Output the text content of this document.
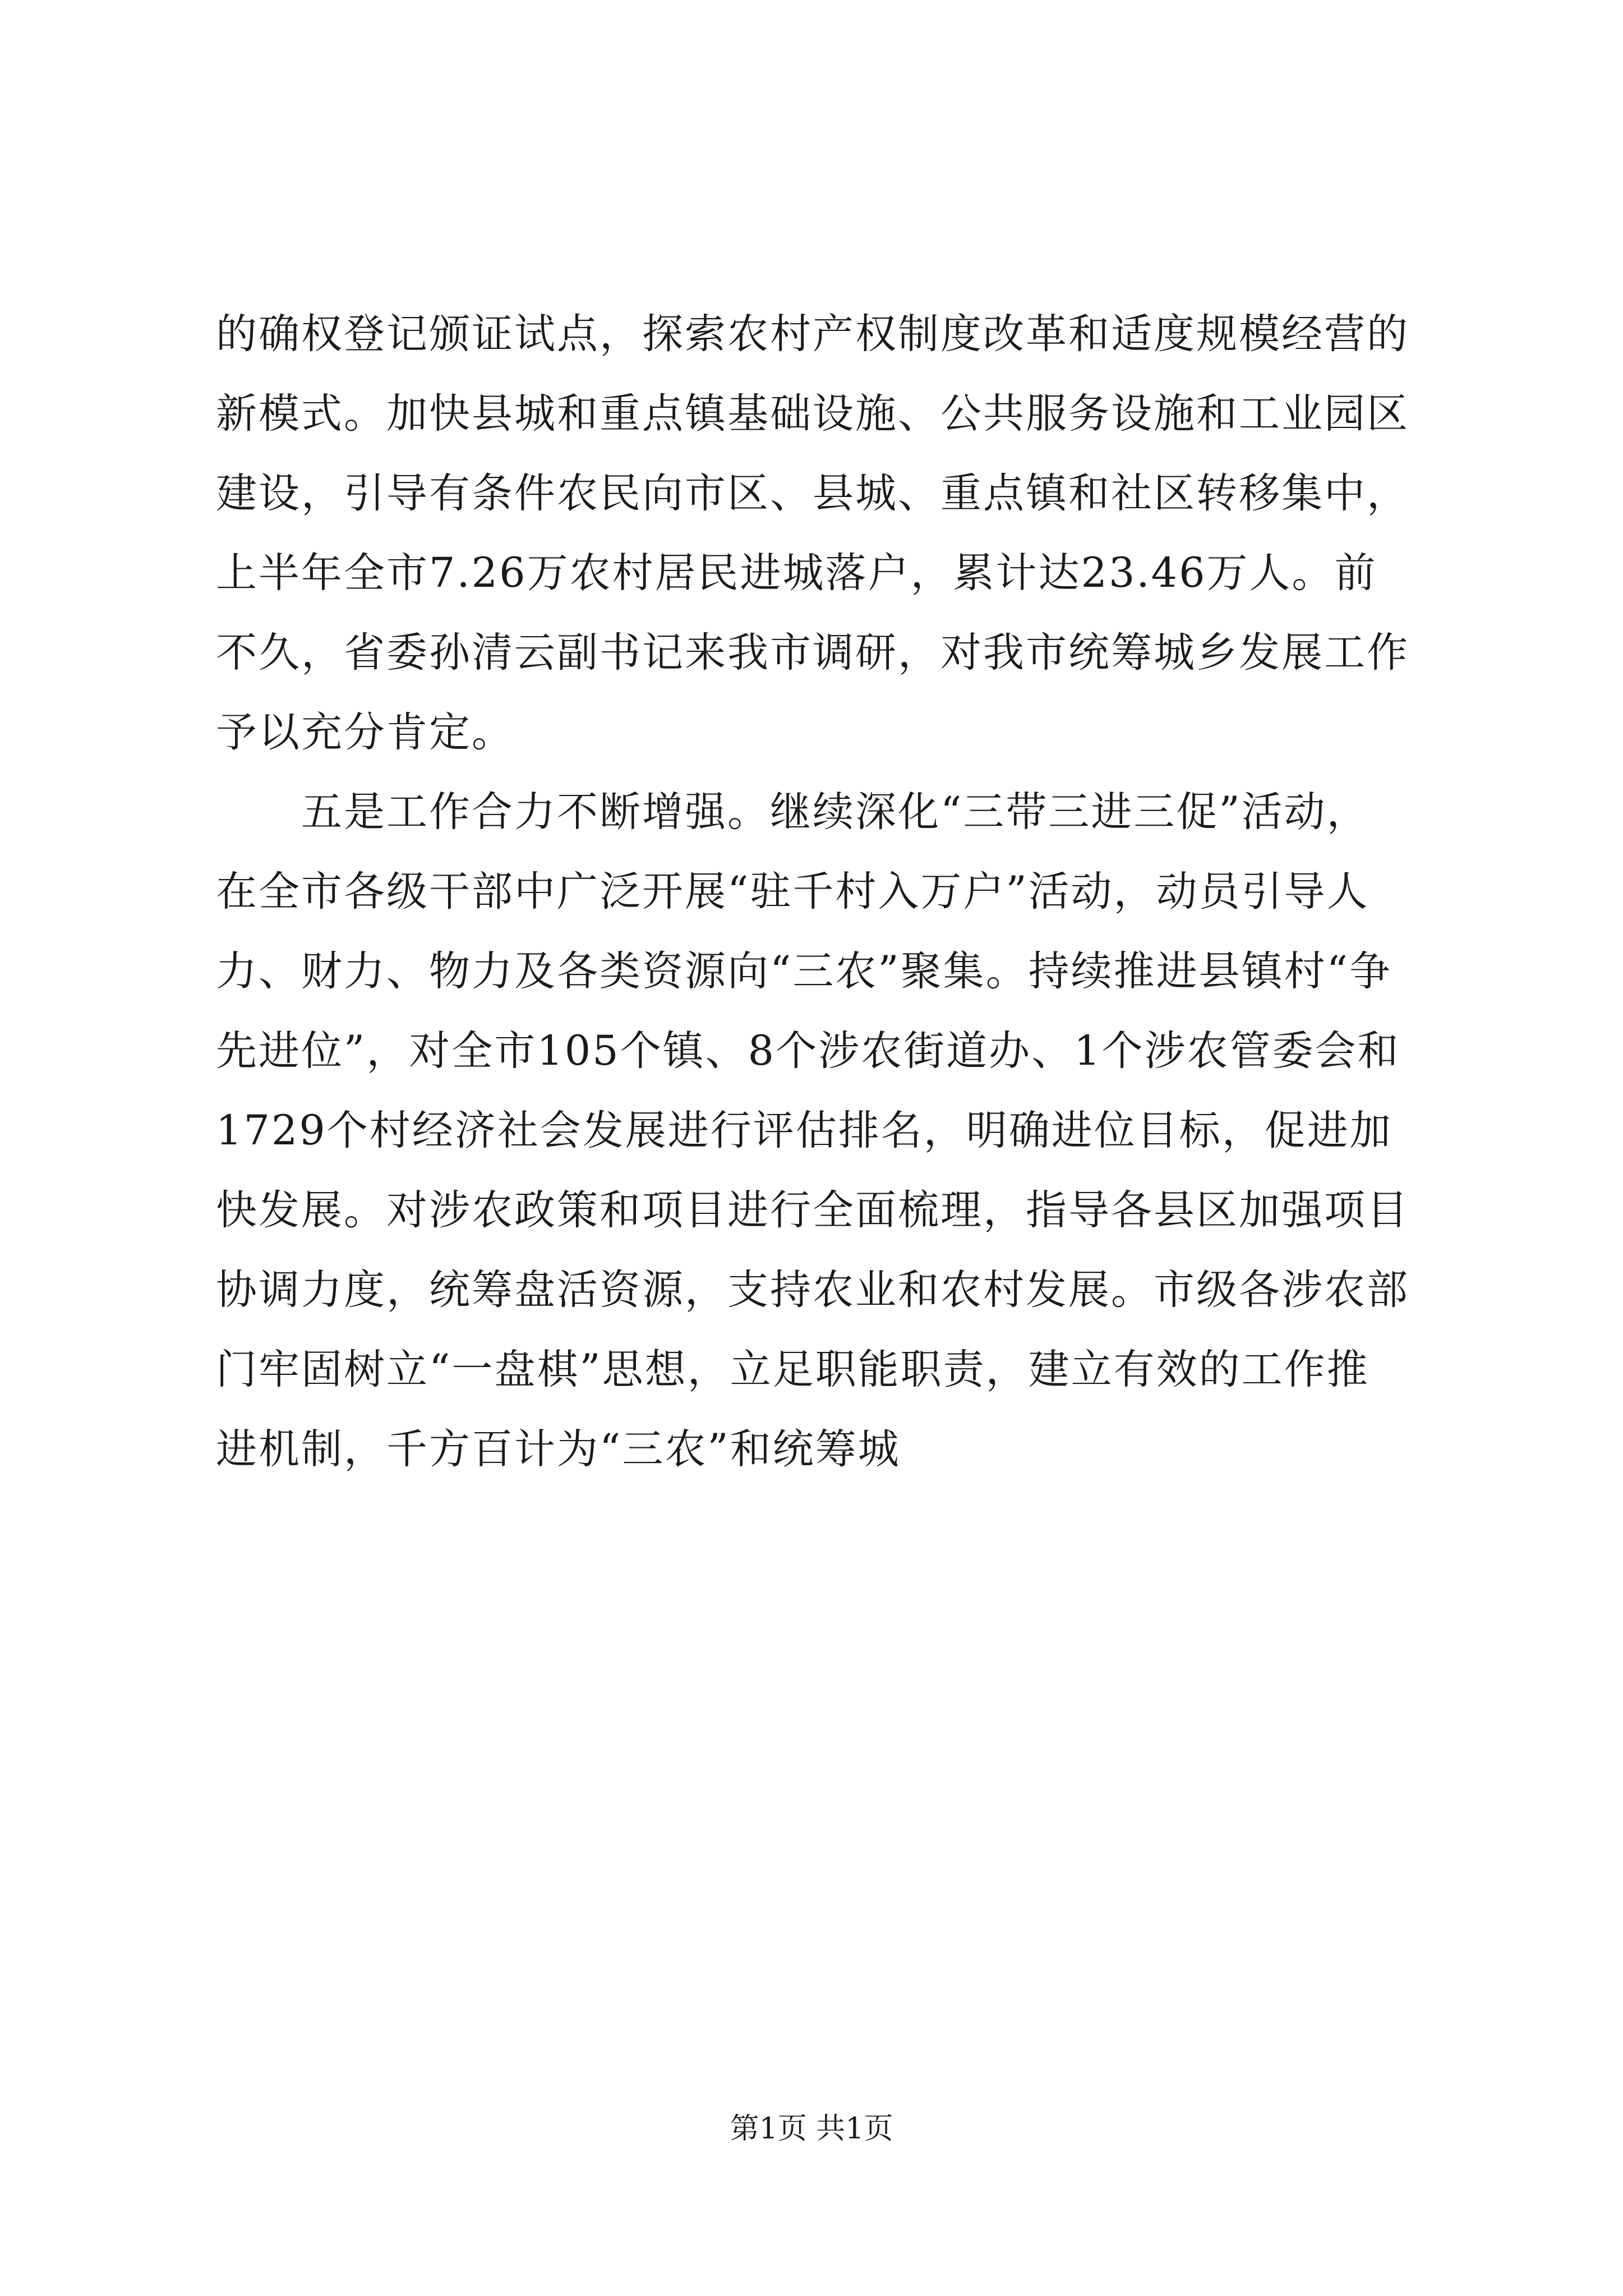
的确权登记颁证试点，探索农村产权制度改革和适度规模经营的
新模式。加快县城和重点镇基础设施、公共服务设施和工业园区
建设，引导有条件农民向市区、县城、重点镇和社区转移集中，
上半年全市7.26万农村居民进城落户，累计达23.46万人。前
不久，省委孙清云副书记来我市调研，对我市统筹城乡发展工作
予以充分肯定。
　　五是工作合力不断增强。继续深化“三带三进三促”活动，
在全市各级干部中广泛开展“驻千村入万户”活动，动员引导人
力、财力、物力及各类资源向“三农”聚集。持续推进县镇村“争
先进位”，对全市105个镇、8个涉农街道办、1个涉农管委会和
1729个村经济社会发展进行评估排名，明确进位目标，促进加
快发展。对涉农政策和项目进行全面梳理，指导各县区加强项目
协调力度，统筹盘活资源，支持农业和农村发展。市级各涉农部
门牢固树立“一盘棋”思想，立足职能职责，建立有效的工作推
进机制，千方百计为“三农”和统筹城
第1页 共1页
